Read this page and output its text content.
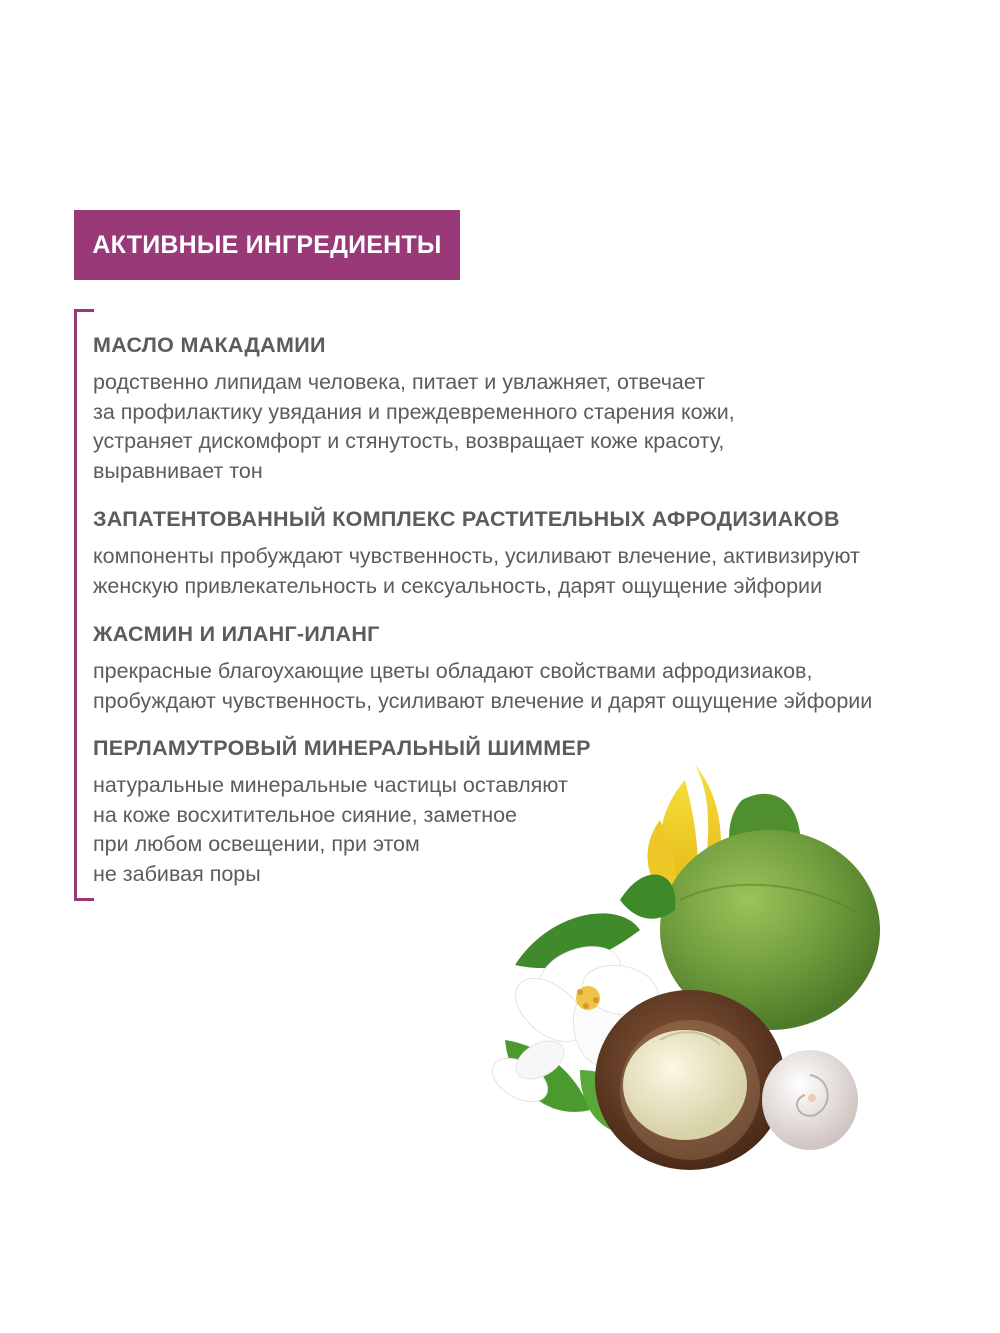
АКТИВНЫЕ ИНГРЕДИЕНТЫ
МАСЛО МАКАДАМИИ
родственно липидам человека, питает и увлажняет, отвечает
за профилактику увядания и преждевременного старения кожи,
устраняет дискомфорт и стянутость, возвращает коже красоту,
выравнивает тон
ЗАПАТЕНТОВАННЫЙ КОМПЛЕКС РАСТИТЕЛЬНЫХ АФРОДИЗИАКОВ
компоненты пробуждают чувственность, усиливают влечение, активизируют
женскую привлекательность и сексуальность, дарят ощущение эйфории
ЖАСМИН И ИЛАНГ-ИЛАНГ
прекрасные благоухающие цветы обладают свойствами афродизиаков,
пробуждают чувственность, усиливают влечение и дарят ощущение эйфории
ПЕРЛАМУТРОВЫЙ МИНЕРАЛЬНЫЙ ШИММЕР
натуральные минеральные частицы оставляют
на коже восхитительное сияние, заметное
при любом освещении, при этом
не забивая поры
